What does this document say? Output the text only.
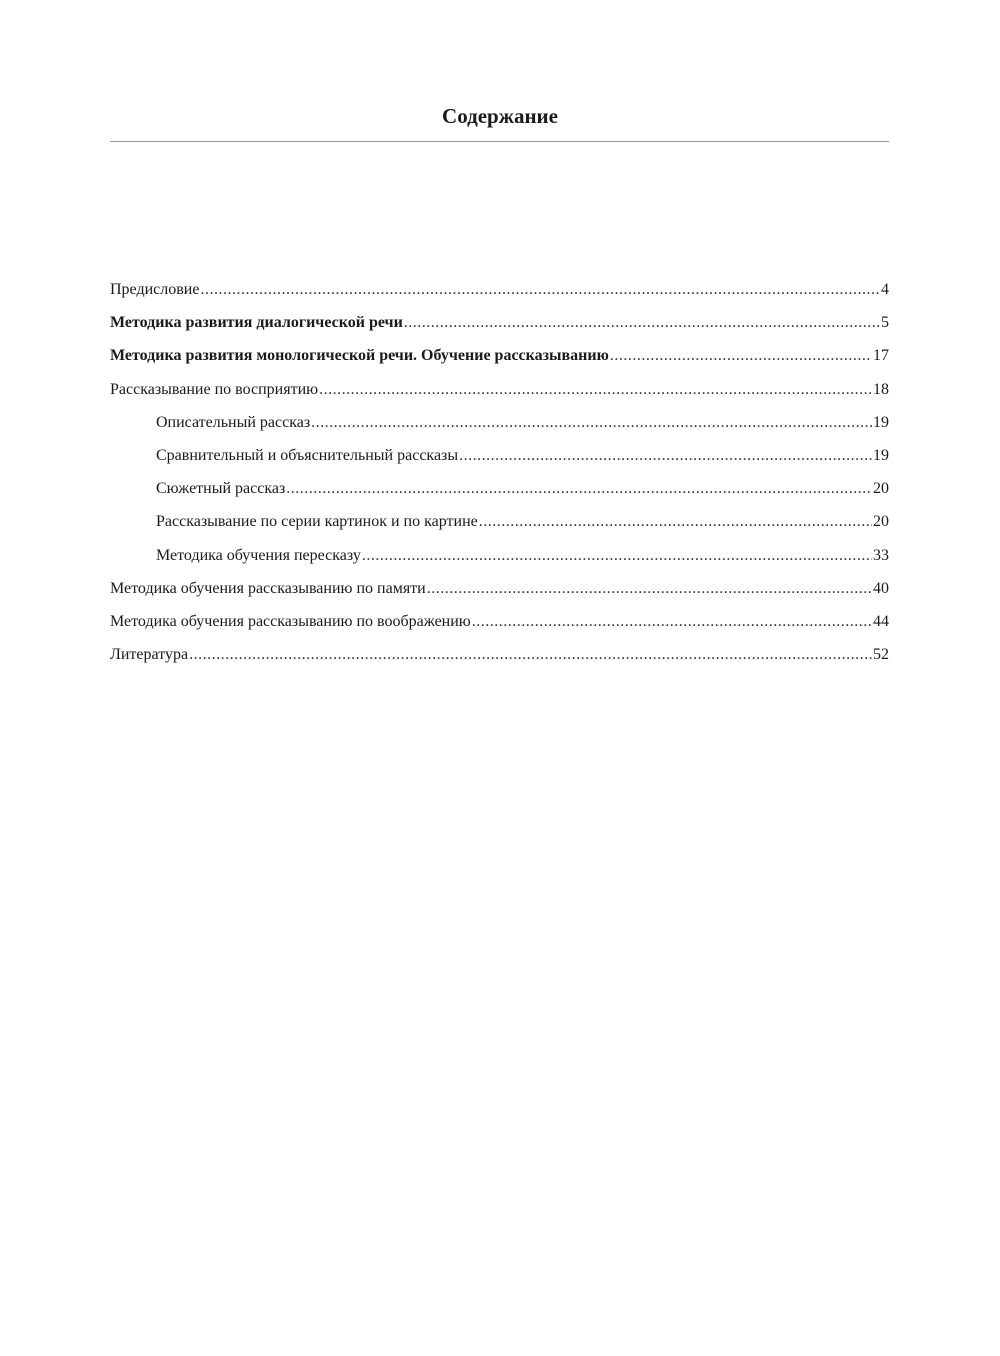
Содержание
Предисловие .....	4
Методика развития диалогической речи .....	5
Методика развития монологической речи. Обучение рассказыванию .....	17
Рассказывание по восприятию .....	18
Описательный рассказ .....	19
Сравнительный и объяснительный рассказы .....	19
Сюжетный рассказ .....	20
Рассказывание по серии картинок и по картине .....	20
Методика обучения пересказу .....	33
Методика обучения рассказыванию по памяти .....	40
Методика обучения рассказыванию по воображению .....	44
Литература .....	52
